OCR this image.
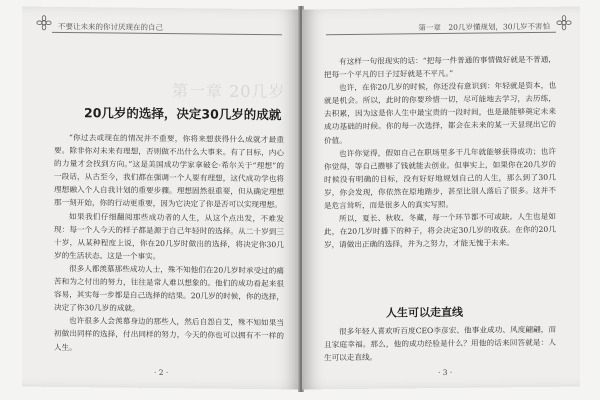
不要让未来的你讨厌现在的自己
第一章 20几岁
20几岁的选择，决定30几岁的成就

“你过去或现在的情况并不重要，你将来想获得什么成就才最重要。除非你对未来有理想，否则做不出什么大事来。有了目标，内心的力量才会找到方向。”这是美国成功学家拿破仑·希尔关于“理想”的一段话，从古至今，我们都在强调一个人要有理想，这代成功学也将理想融入个人自我计划的重要步骤。理想固然很重要，但从确定理想那一刻开始，你的行动更重要，因为它决定了你是否可以实现理想。

如果我们仔细翻阅那些成功者的人生，从这个点出发，不难发现：每一个人今天的样子都是源于自己年轻时的选择。从二十岁到三十岁，从某种程度上说，你在20几岁时做出的选择，将决定你30几岁的生活状态。这是一个事实。

很多人都羡慕那些成功人士，殊不知他们在20几岁时承受过的痛苦和为之付出的努力，往往是常人难以想象的。他们的成功看起来很容易，其实每一步都是自己选择的结果。20几岁的时候，你的选择，决定了你30几岁的成就。

也许很多人会羡慕身边的那些人，然后自怨自艾，殊不知如果当初做出同样的选择，付出同样的努力，今天的你也可以拥有不一样的人生。

· 2 ·
第一章　20几岁懂规划，30几岁不害怕

有这样一句很现实的话：“把每一件普通的事情做好就是不普通，把每一个平凡的日子过好就是不平凡。”

也许，在你20几岁的时候，你还没有意识到：年轻就是资本，也就是机会。所以，此时的你要珍惜一切，尽可能地去学习，去历练，去积累，因为这是你人生中最宝贵的一段时间，也是最能够奠定未来成功基础的时候。你的每一次选择，都会在未来的某一天显现出它的价值。

也许你觉得，假如自己在职场里多干几年就能够获得成功；也许你觉得，等自己攒够了钱就能去创业。但事实上，如果你在20几岁的时候没有明确的目标，没有好好地规划自己的人生，那么到了30几岁，你会发现，你依然在原地踏步，甚至比别人落后了很多。这并不是危言耸听，而是很多人的真实写照。

所以，夏长、秋收、冬藏，每一个环节都不可或缺。人生也是如此，在20几岁时播下的种子，将会决定30几岁的收获。在你的20几岁，请做出正确的选择，并为之努力，才能无愧于未来。

人生可以走直线

很多年轻人喜欢听百度CEO李彦宏、他事业成功、风度翩翩，而且家庭幸福。那么，他的成功经验是什么？用他的话来回答就是：人生可以走直线。

· 3 ·
